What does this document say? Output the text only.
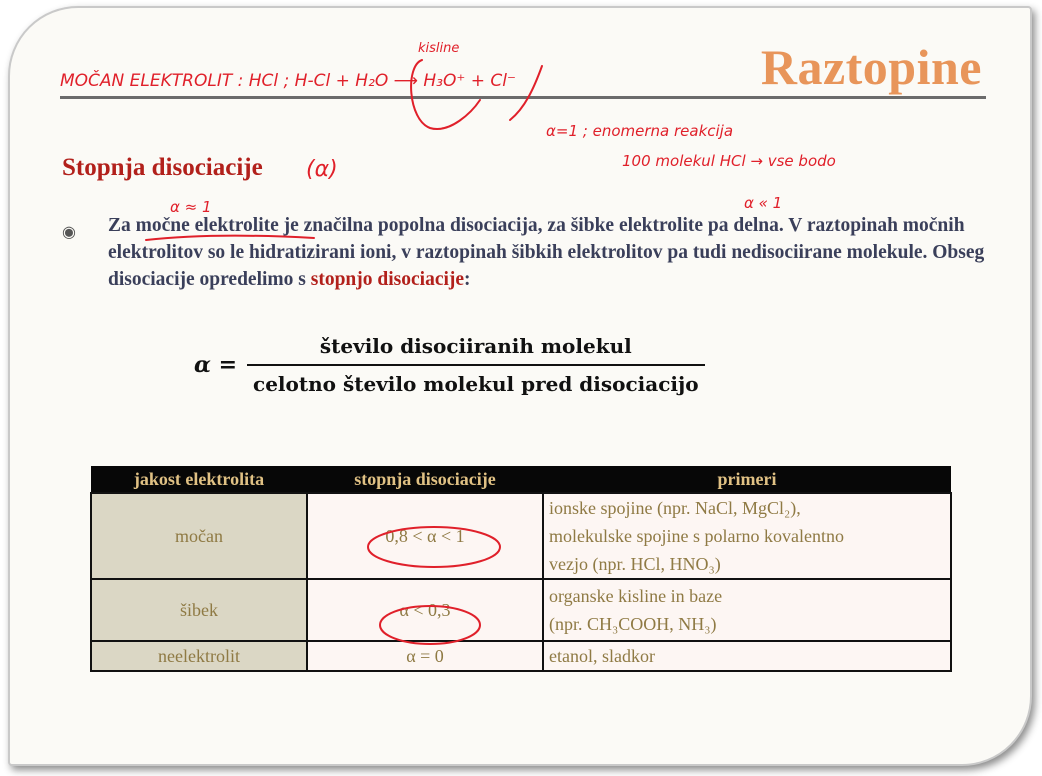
Raztopine
Stopnja disociacije
◉ Za močne elektrolite je značilna popolna disociacija, za šibke elektrolite pa delna. V raztopinah močnih elektrolitov so le hidratizirani ioni, v raztopinah šibkih elektrolitov pa tudi nedisociirane molekule. Obseg disociacije opredelimo s stopnjo disociacije:
$\alpha = \frac{\text{število disociiranih molekul}}{\text{celotno število molekul pred disociacijo}}$
jakost elektrolita	stopnja disociacije	primeri
močan	0,8 < α < 1	ionske spojine (npr. NaCl, MgCl₂),
molekulske spojine s polarno kovalentno
vezjo (npr. HCl, HNO₃)

šibek	α < 0,3	organske kisline in baze
(npr. CH₃COOH, NH₃)

neelektrolit	α = 0	etanol, sladkor
MOČAN ELEKTROLIT : HCl ; H-Cl + H₂O ⟶ H₃O⁺ + Cl⁻
kisline
α=1 ; enomerna reakcija
100 molekul HCl → vse bodo
(α)
α ≈ 1	α « 1
